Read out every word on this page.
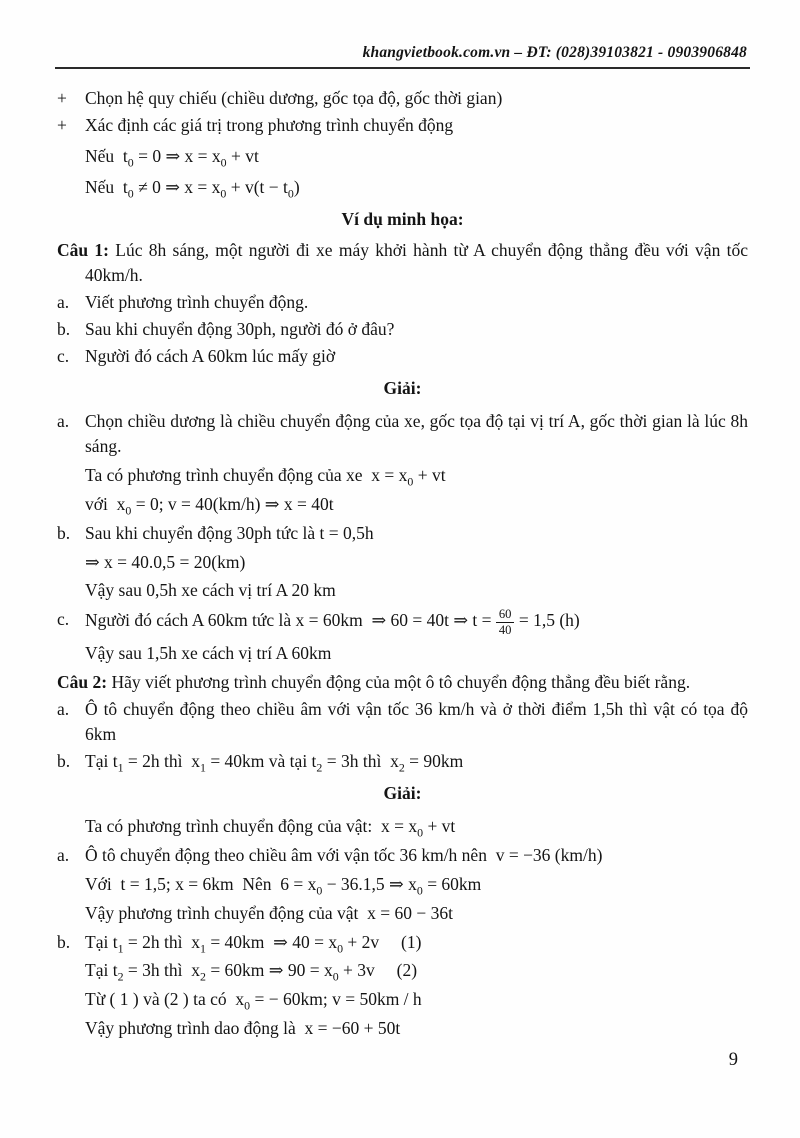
khangvietbook.com.vn – ĐT: (028)39103821 - 0903906848
+	Chọn hệ quy chiếu (chiều dương, gốc tọa độ, gốc thời gian)
+	Xác định các giá trị trong phương trình chuyển động
Nếu  $t_0 = 0$ ⇒ $x = x_0$ + vt
Nếu  $t_0 \ne 0$ ⇒ $x = x_0 + v(t - t_0)$
Ví dụ minh họa:
Câu 1: Lúc 8h sáng, một người đi xe máy khởi hành từ A chuyển động thẳng đều với vận tốc 40km/h.
a. Viết phương trình chuyển động.
b. Sau khi chuyển động 30ph, người đó ở đâu?
c. Người đó cách A 60km lúc mấy giờ
Giải:
a. Chọn chiều dương là chiều chuyển động của xe, gốc tọa độ tại vị trí A, gốc thời gian là lúc 8h sáng.
Ta có phương trình chuyển động của xe  $x = x_0$ + vt
với  $x_0 = 0$; v = 40(km/h) ⇒ x = 40t
b. Sau khi chuyển động 30ph tức là t = 0,5h
⇒ x = 40.0,5 = 20(km)
Vậy sau 0,5h xe cách vị trí A 20 km
c. Người đó cách A 60km tức là x = 60km  ⇒ 60 = 40t ⇒ $t = \frac{60}{40} = 1,5$ (h)
Vậy sau 1,5h xe cách vị trí A 60km
Câu 2: Hãy viết phương trình chuyển động của một ô tô chuyển động thẳng đều biết rằng.
a. Ô tô chuyển động theo chiều âm với vận tốc 36 km/h và ở thời điểm 1,5h thì vật có tọa độ 6km
b. Tại $t_1 = 2h$ thì  $x_1 = 40km$ và tại $t_2 = 3h$ thì  $x_2 = 90km$
Giải:
Ta có phương trình chuyển động của vật:  $x = x_0$ + vt
a. Ô tô chuyển động theo chiều âm với vận tốc 36 km/h nên  v = −36 (km/h)
Với  t = 1,5; x = 6km  Nên  $6 = x_0 - 36.1,5$ ⇒ $x_0 = 60km$
Vậy phương trình chuyển động của vật  x = 60 − 36t
b. Tại $t_1 = 2h$ thì  $x_1 = 40km$  ⇒ $40 = x_0 + 2v$     (1)
Tại $t_2 = 3h$ thì  $x_2 = 60km$ ⇒ $90 = x_0 + 3v$     (2)
Từ ( 1 ) và (2 ) ta có  $x_0$ = − 60km; v = 50km / h
Vậy phương trình dao động là  x = −60 + 50t
9
